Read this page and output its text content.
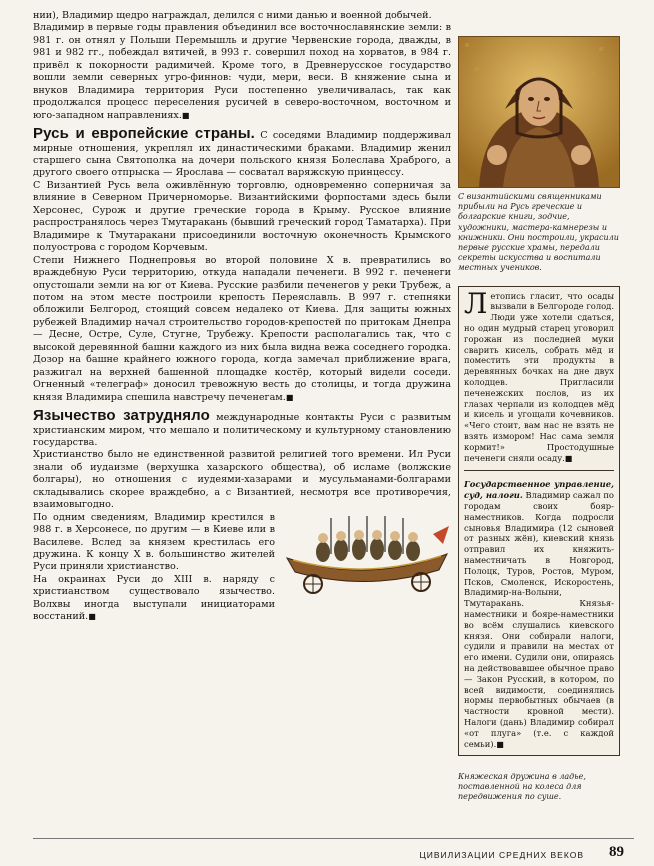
нии), Владимир щедро награждал, делился с ними данью и военной добычей.

Владимир в первые годы правления объединил все восточнославянские земли: в 981 г. он отнял у Польши Перемышль и другие Червенские города, дважды, в 981 и 982 гг., побеждал вятичей, в 993 г. совершил поход на хорватов, в 984 г. привёл к покорности радимичей. Кроме того, в Древнерусское государство вошли земли северных угро-финнов: чуди, мери, веси. В княжение сына и внуков Владимира территория Руси постепенно увеличивалась, так как продолжался процесс переселения русичей в северо-восточном, восточном и юго-западном направлениях.■

Русь и европейские страны. С соседями Владимир поддерживал мирные отношения, укреплял их династическими браками. Владимир женил старшего сына Святополка на дочери польского князя Болеслава Храброго, а другого своего отпрыска — Ярослава — сосватал варяжскую принцессу.

С Византией Русь вела оживлённую торговлю, одновременно соперничая за влияние в Северном Причерноморье. Византийскими форпостами здесь были Херсонес, Сурож и другие греческие города в Крыму. Русское влияние распространялось через Тмутаракань (бывший греческий город Таматарха). При Владимире к Тмутаракани присоединили восточную оконечность Крымского полуострова с городом Корчевым.

Степи Нижнего Поднепровья во второй половине X в. превратились во враждебную Руси территорию, откуда нападали печенеги. В 992 г. печенеги опустошали земли на юг от Киева. Русские разбили печенегов у реки Трубеж, а потом на этом месте построили крепость Переяславль. В 997 г. степняки обложили Белгород, стоящий совсем недалеко от Киева. Для защиты южных рубежей Владимир начал строительство городов-крепостей по притокам Днепра — Десне, Остре, Суле, Стугне, Трубежу. Крепости располагались так, что с высокой деревянной башни каждого из них была видна вежа соседнего городка. Дозор на башне крайнего южного города, когда замечал приближение врага, разжигал на верхней башенной площадке костёр, который видели соседи. Огненный «телеграф» доносил тревожную весть до столицы, и тогда дружина князя Владимира спешила навстречу печенегам.■

Язычество затрудняло международные контакты Руси с развитым христианским миром, что мешало и политическому и культурному становлению государства.

Христианство было не единственной развитой религией того времени. Ил Руси знали об иудаизме (верхушка хазарского общества), об исламе (волжские болгары), но отношения с иудеями-хазарами и мусульманами-болгарами складывались скорее враждебно, а с Византией, несмотря все противоречия, взаимовыгодно.

По одним сведениям, Владимир крестился в 988 г. в Херсонесе, по другим — в Киеве или в Василеве. Вслед за князем крестилась его дружина. К концу X в. большинство жителей Руси приняли христианство.

На окраинах Руси до XIII в. наряду с христианством существовало язычество. Волхвы иногда выступали инициаторами восстаний.■

С византийскими священниками прибыли на Русь греческие и болгарские книги, зодчие, художники, мастера-камнерезы и книжники. Они построили, украсили первые русские храмы, передали секреты искусства и воспитали местных учеников.
Летопись гласит, что осады вызвали в Белгороде голод. Люди уже хотели сдаться, но один мудрый старец уговорил горожан из последней муки сварить кисель, собрать мёд и поместить эти продукты в деревянных бочках на дне двух колодцев. Пригласили печенежских послов, из их глазах черпали из колодцев мёд и кисель и угощали кочевников. «Чего стоит, вам нас не взять не взять измором! Нас сама земля кормит!» Простодушные печенеги сняли осаду.■
Государственное управление, суд, налоги. Владимир сажал по городам своих бояр-наместников. Когда подросли сыновья Владимира (12 сыновей от разных жён), киевский князь отправил их княжить-наместничать в Новгород, Полоцк, Туров, Ростов, Муром, Псков, Смоленск, Искоростень, Владимир-на-Волыни, Тмутаракань. Князья-наместники и бояре-наместники во всём слушались киевского князя. Они собирали налоги, судили и правили на местах от его имени. Судили они, опираясь на действовавшее обычное право — Закон Русский, в котором, по всей видимости, соединялись нормы первобытных обычаев (в частности кровной мести). Налоги (дань) Владимир собирал «от плуга» (т.е. с каждой семьи).■
Княжеская дружина в ладье, поставленной на колеса для передвижения по суше.
ЦИВИЛИЗАЦИИ СРЕДНИХ ВЕКОВ 89
